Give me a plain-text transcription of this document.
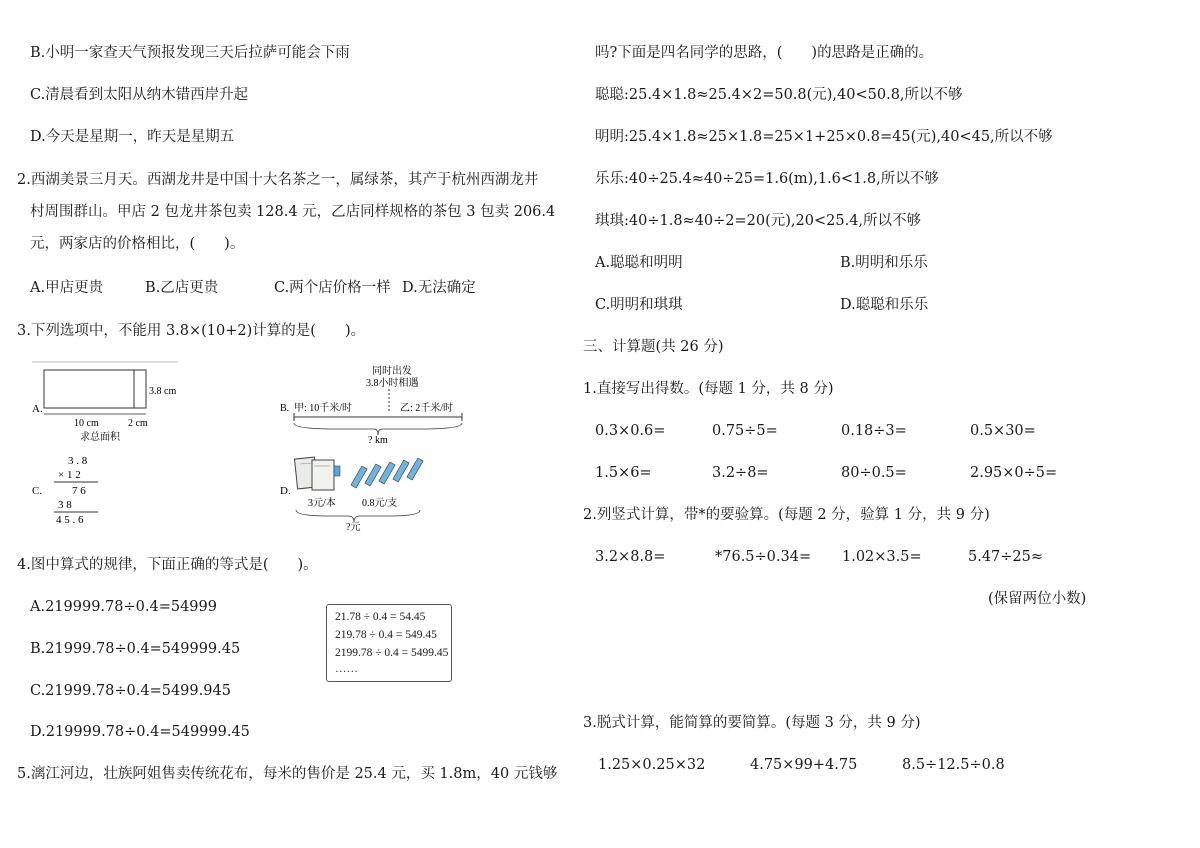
B.小明一家查天气预报发现三天后拉萨可能会下雨
C.清晨看到太阳从纳木错西岸升起
D.今天是星期一，昨天是星期五
2.西湖美景三月天。西湖龙井是中国十大名茶之一，属绿茶，其产于杭州西湖龙井
村周围群山。甲店 2 包龙井茶包卖 128.4 元，乙店同样规格的茶包 3 包卖 206.4
元，两家店的价格相比，(　　)。
A.甲店更贵	B.乙店更贵	C.两个店价格一样 D.无法确定
3.下列选项中，不能用 3.8×(10+2)计算的是(　　)。
A.
3.8 cm
10 cm	2 cm
求总面积
同时出发
3.8小时相遇
B. 甲: 10千米/时	乙: 2千米/时
? km
C.
3 . 8
× 1 2
7 6
3 8
4 5 . 6
D.
3元/本	0.8元/支
?元
4.图中算式的规律，下面正确的等式是(　　)。
A.219999.78÷0.4=54999
B.21999.78÷0.4=549999.45
C.21999.78÷0.4=5499.945
D.219999.78÷0.4=549999.45
21.78 ÷ 0.4 = 54.45
219.78 ÷ 0.4 = 549.45
2199.78 ÷ 0.4 = 5499.45
……
5.漓江河边，壮族阿姐售卖传统花布，每米的售价是 25.4 元，买 1.8m，40 元钱够
吗?下面是四名同学的思路，(　　)的思路是正确的。
聪聪:25.4×1.8≈25.4×2=50.8(元),40<50.8,所以不够
明明:25.4×1.8≈25×1.8=25×1+25×0.8=45(元),40<45,所以不够
乐乐:40÷25.4≈40÷25=1.6(m),1.6<1.8,所以不够
琪琪:40÷1.8≈40÷2=20(元),20<25.4,所以不够
A.聪聪和明明	B.明明和乐乐
C.明明和琪琪	D.聪聪和乐乐
三、计算题(共 26 分)
1.直接写出得数。(每题 1 分，共 8 分)
0.3×0.6=	0.75÷5=	0.18÷3=	0.5×30=
1.5×6=	3.2÷8=	80÷0.5=	2.95×0÷5=
2.列竖式计算，带*的要验算。(每题 2 分，验算 1 分，共 9 分)
3.2×8.8=	*76.5÷0.34= 1.02×3.5=	5.47÷25≈
(保留两位小数)
3.脱式计算，能简算的要简算。(每题 3 分，共 9 分)
1.25×0.25×32	4.75×99+4.75	8.5÷12.5÷0.8
